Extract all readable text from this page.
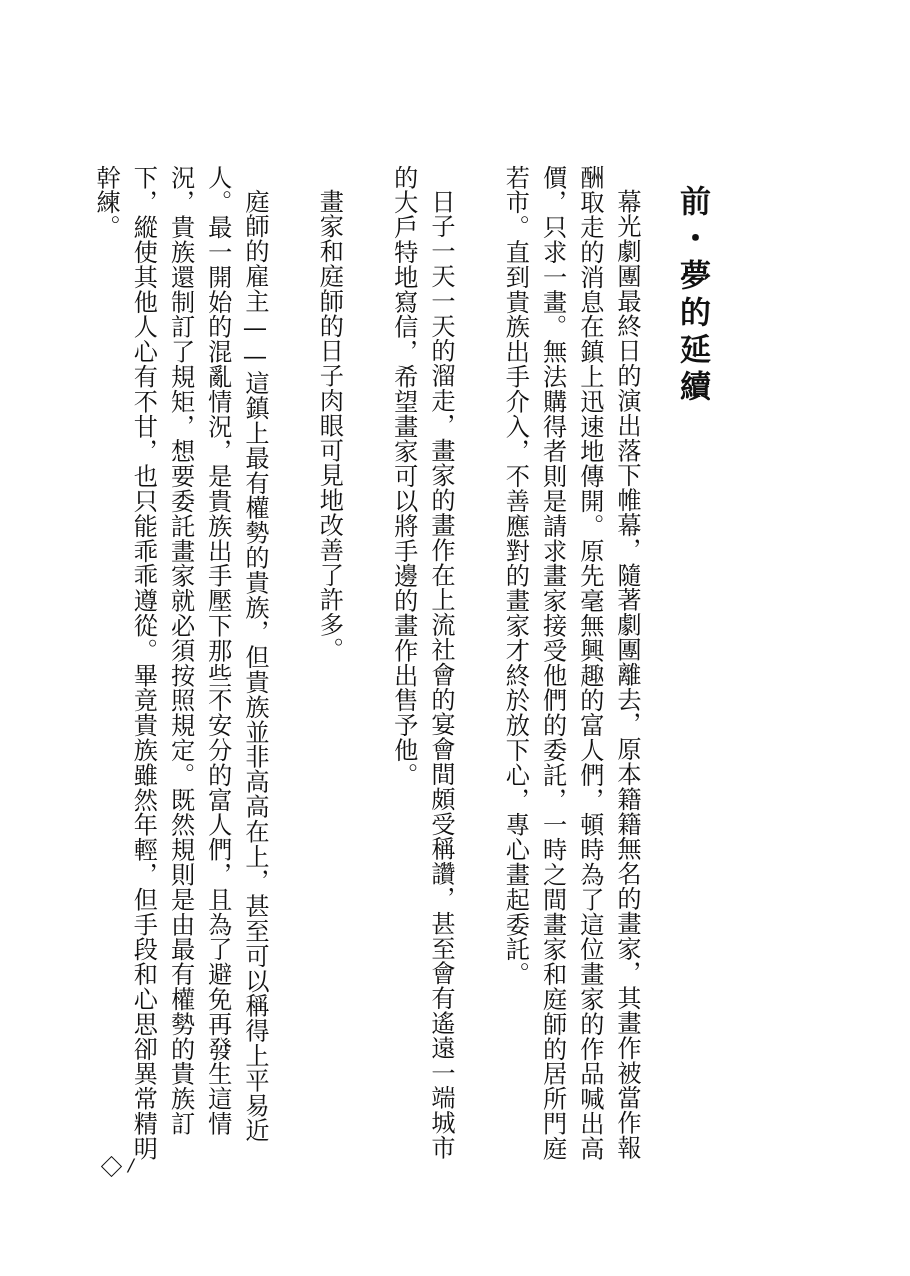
前・夢的延續

幕光劇團最終日的演出落下帷幕，隨著劇團離去，原本籍籍無名的畫家，其畫作被當作報酬取走的消息在鎮上迅速地傳開。原先毫無興趣的富人們，頓時為了這位畫家的作品喊出高價，只求一畫。無法購得者則是請求畫家接受他們的委託，一時之間畫家和庭師的居所門庭若市。直到貴族出手介入，不善應對的畫家才終於放下心，專心畫起委託。

日子一天一天的溜走，畫家的畫作在上流社會的宴會間頗受稱讚，甚至會有遙遠一端城市的大戶特地寫信，希望畫家可以將手邊的畫作出售予他。

畫家和庭師的日子肉眼可見地改善了許多。

庭師的雇主——這鎮上最有權勢的貴族，但貴族並非高高在上，甚至可以稱得上平易近人。最一開始的混亂情況，是貴族出手壓下那些不安分的富人們，且為了避免再發生這情況，貴族還制訂了規矩，想要委託畫家就必須按照規定。既然規則是由最有權勢的貴族訂下，縱使其他人心有不甘，也只能乖乖遵從。畢竟貴族雖然年輕，但手段和心思卻異常精明幹練。

/
